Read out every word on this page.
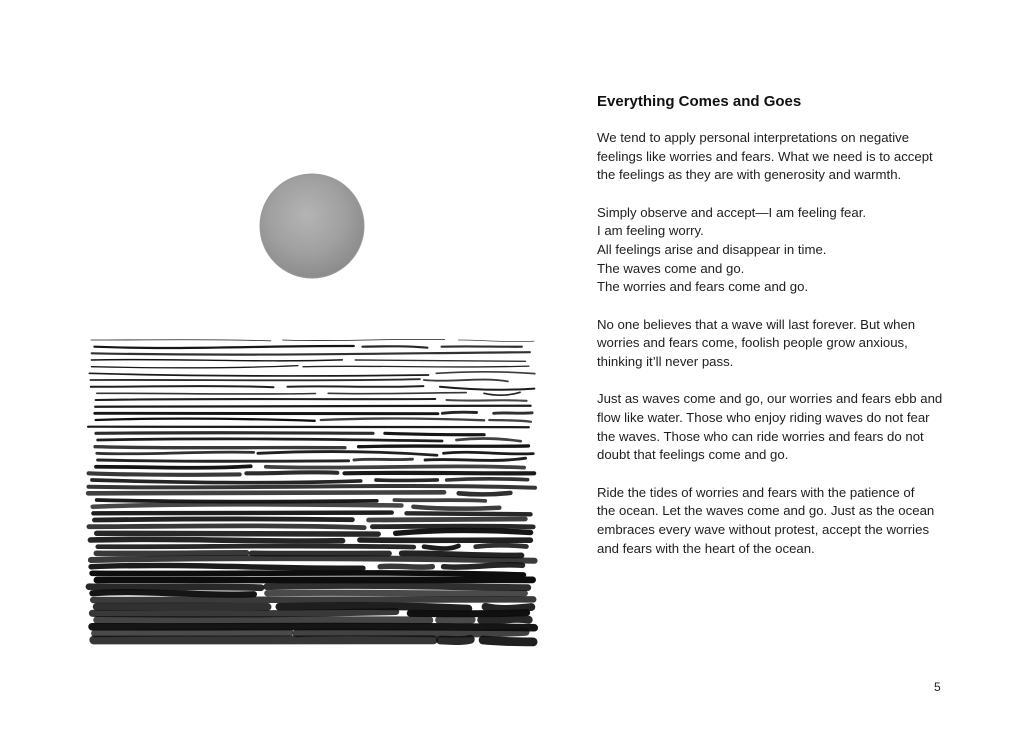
Everything Comes and Goes
We tend to apply personal interpretations on negative
feelings like worries and fears. What we need is to accept
the feelings as they are with generosity and warmth.
Simply observe and accept—I am feeling fear.
I am feeling worry.
All feelings arise and disappear in time.
The waves come and go.
The worries and fears come and go.
No one believes that a wave will last forever. But when
worries and fears come, foolish people grow anxious,
thinking it’ll never pass.
Just as waves come and go, our worries and fears ebb and
flow like water. Those who enjoy riding waves do not fear
the waves. Those who can ride worries and fears do not
doubt that feelings come and go.
Ride the tides of worries and fears with the patience of
the ocean. Let the waves come and go. Just as the ocean
embraces every wave without protest, accept the worries
and fears with the heart of the ocean.
5
